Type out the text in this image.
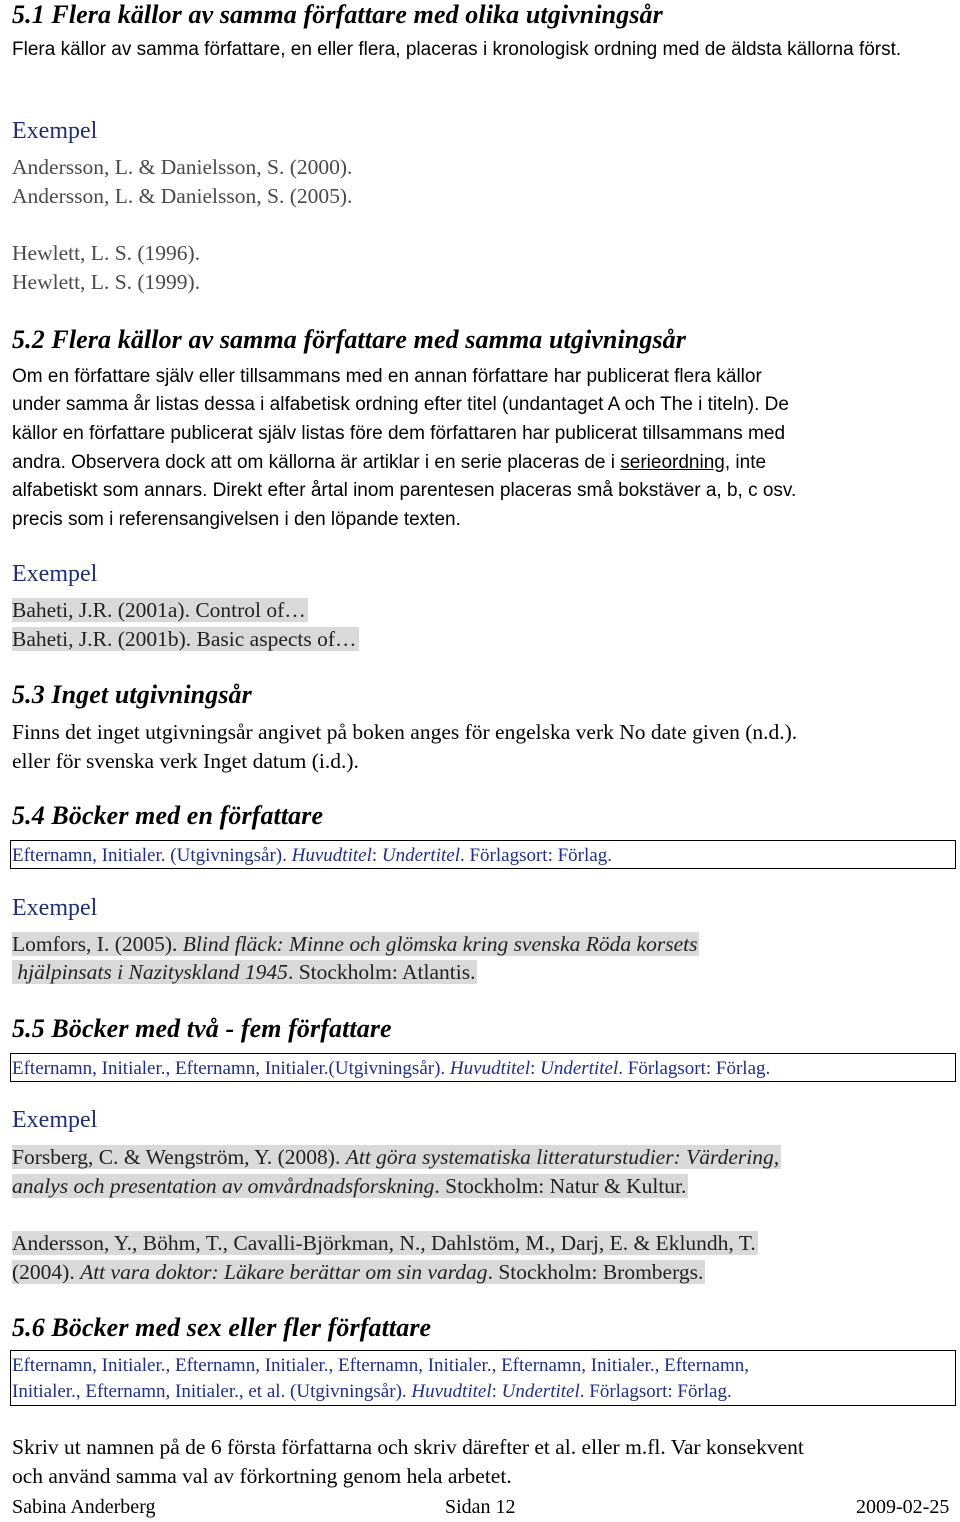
5.1 Flera källor av samma författare med olika utgivningsår
Flera källor av samma författare, en eller flera, placeras i kronologisk ordning med de äldsta källorna först.
Exempel
Andersson, L. & Danielsson, S. (2000).
Andersson, L. & Danielsson, S. (2005).
Hewlett, L. S. (1996).
Hewlett, L. S. (1999).
5.2 Flera källor av samma författare med samma utgivningsår
Om en författare själv eller tillsammans med en annan författare har publicerat flera källor
under samma år listas dessa i alfabetisk ordning efter titel (undantaget A och The i titeln). De
källor en författare publicerat själv listas före dem författaren har publicerat tillsammans med
andra. Observera dock att om källorna är artiklar i en serie placeras de i serieordning, inte
alfabetiskt som annars. Direkt efter årtal inom parentesen placeras små bokstäver a, b, c osv.
precis som i referensangivelsen i den löpande texten.
Exempel
Baheti, J.R. (2001a). Control of…
Baheti, J.R. (2001b). Basic aspects of…
5.3 Inget utgivningsår
Finns det inget utgivningsår angivet på boken anges för engelska verk No date given (n.d.).
eller för svenska verk Inget datum (i.d.).
5.4 Böcker med en författare
Efternamn, Initialer. (Utgivningsår). Huvudtitel: Undertitel. Förlagsort: Förlag.
Exempel
Lomfors, I. (2005). Blind fläck: Minne och glömska kring svenska Röda korsets
hjälpinsats i Nazityskland 1945. Stockholm: Atlantis.
5.5 Böcker med två - fem författare
Efternamn, Initialer., Efternamn, Initialer.(Utgivningsår). Huvudtitel: Undertitel. Förlagsort: Förlag.
Exempel
Forsberg, C. & Wengström, Y. (2008). Att göra systematiska litteraturstudier: Värdering,
analys och presentation av omvårdnadsforskning. Stockholm: Natur & Kultur.
Andersson, Y., Böhm, T., Cavalli-Björkman, N., Dahlstöm, M., Darj, E. & Eklundh, T.
(2004). Att vara doktor: Läkare berättar om sin vardag. Stockholm: Brombergs.
5.6 Böcker med sex eller fler författare
Efternamn, Initialer., Efternamn, Initialer., Efternamn, Initialer., Efternamn, Initialer., Efternamn,
Initialer., Efternamn, Initialer., et al. (Utgivningsår). Huvudtitel: Undertitel. Förlagsort: Förlag.
Skriv ut namnen på de 6 första författarna och skriv därefter et al. eller m.fl. Var konsekvent
och använd samma val av förkortning genom hela arbetet.
Sabina Anderberg	Sidan 12	2009-02-25
